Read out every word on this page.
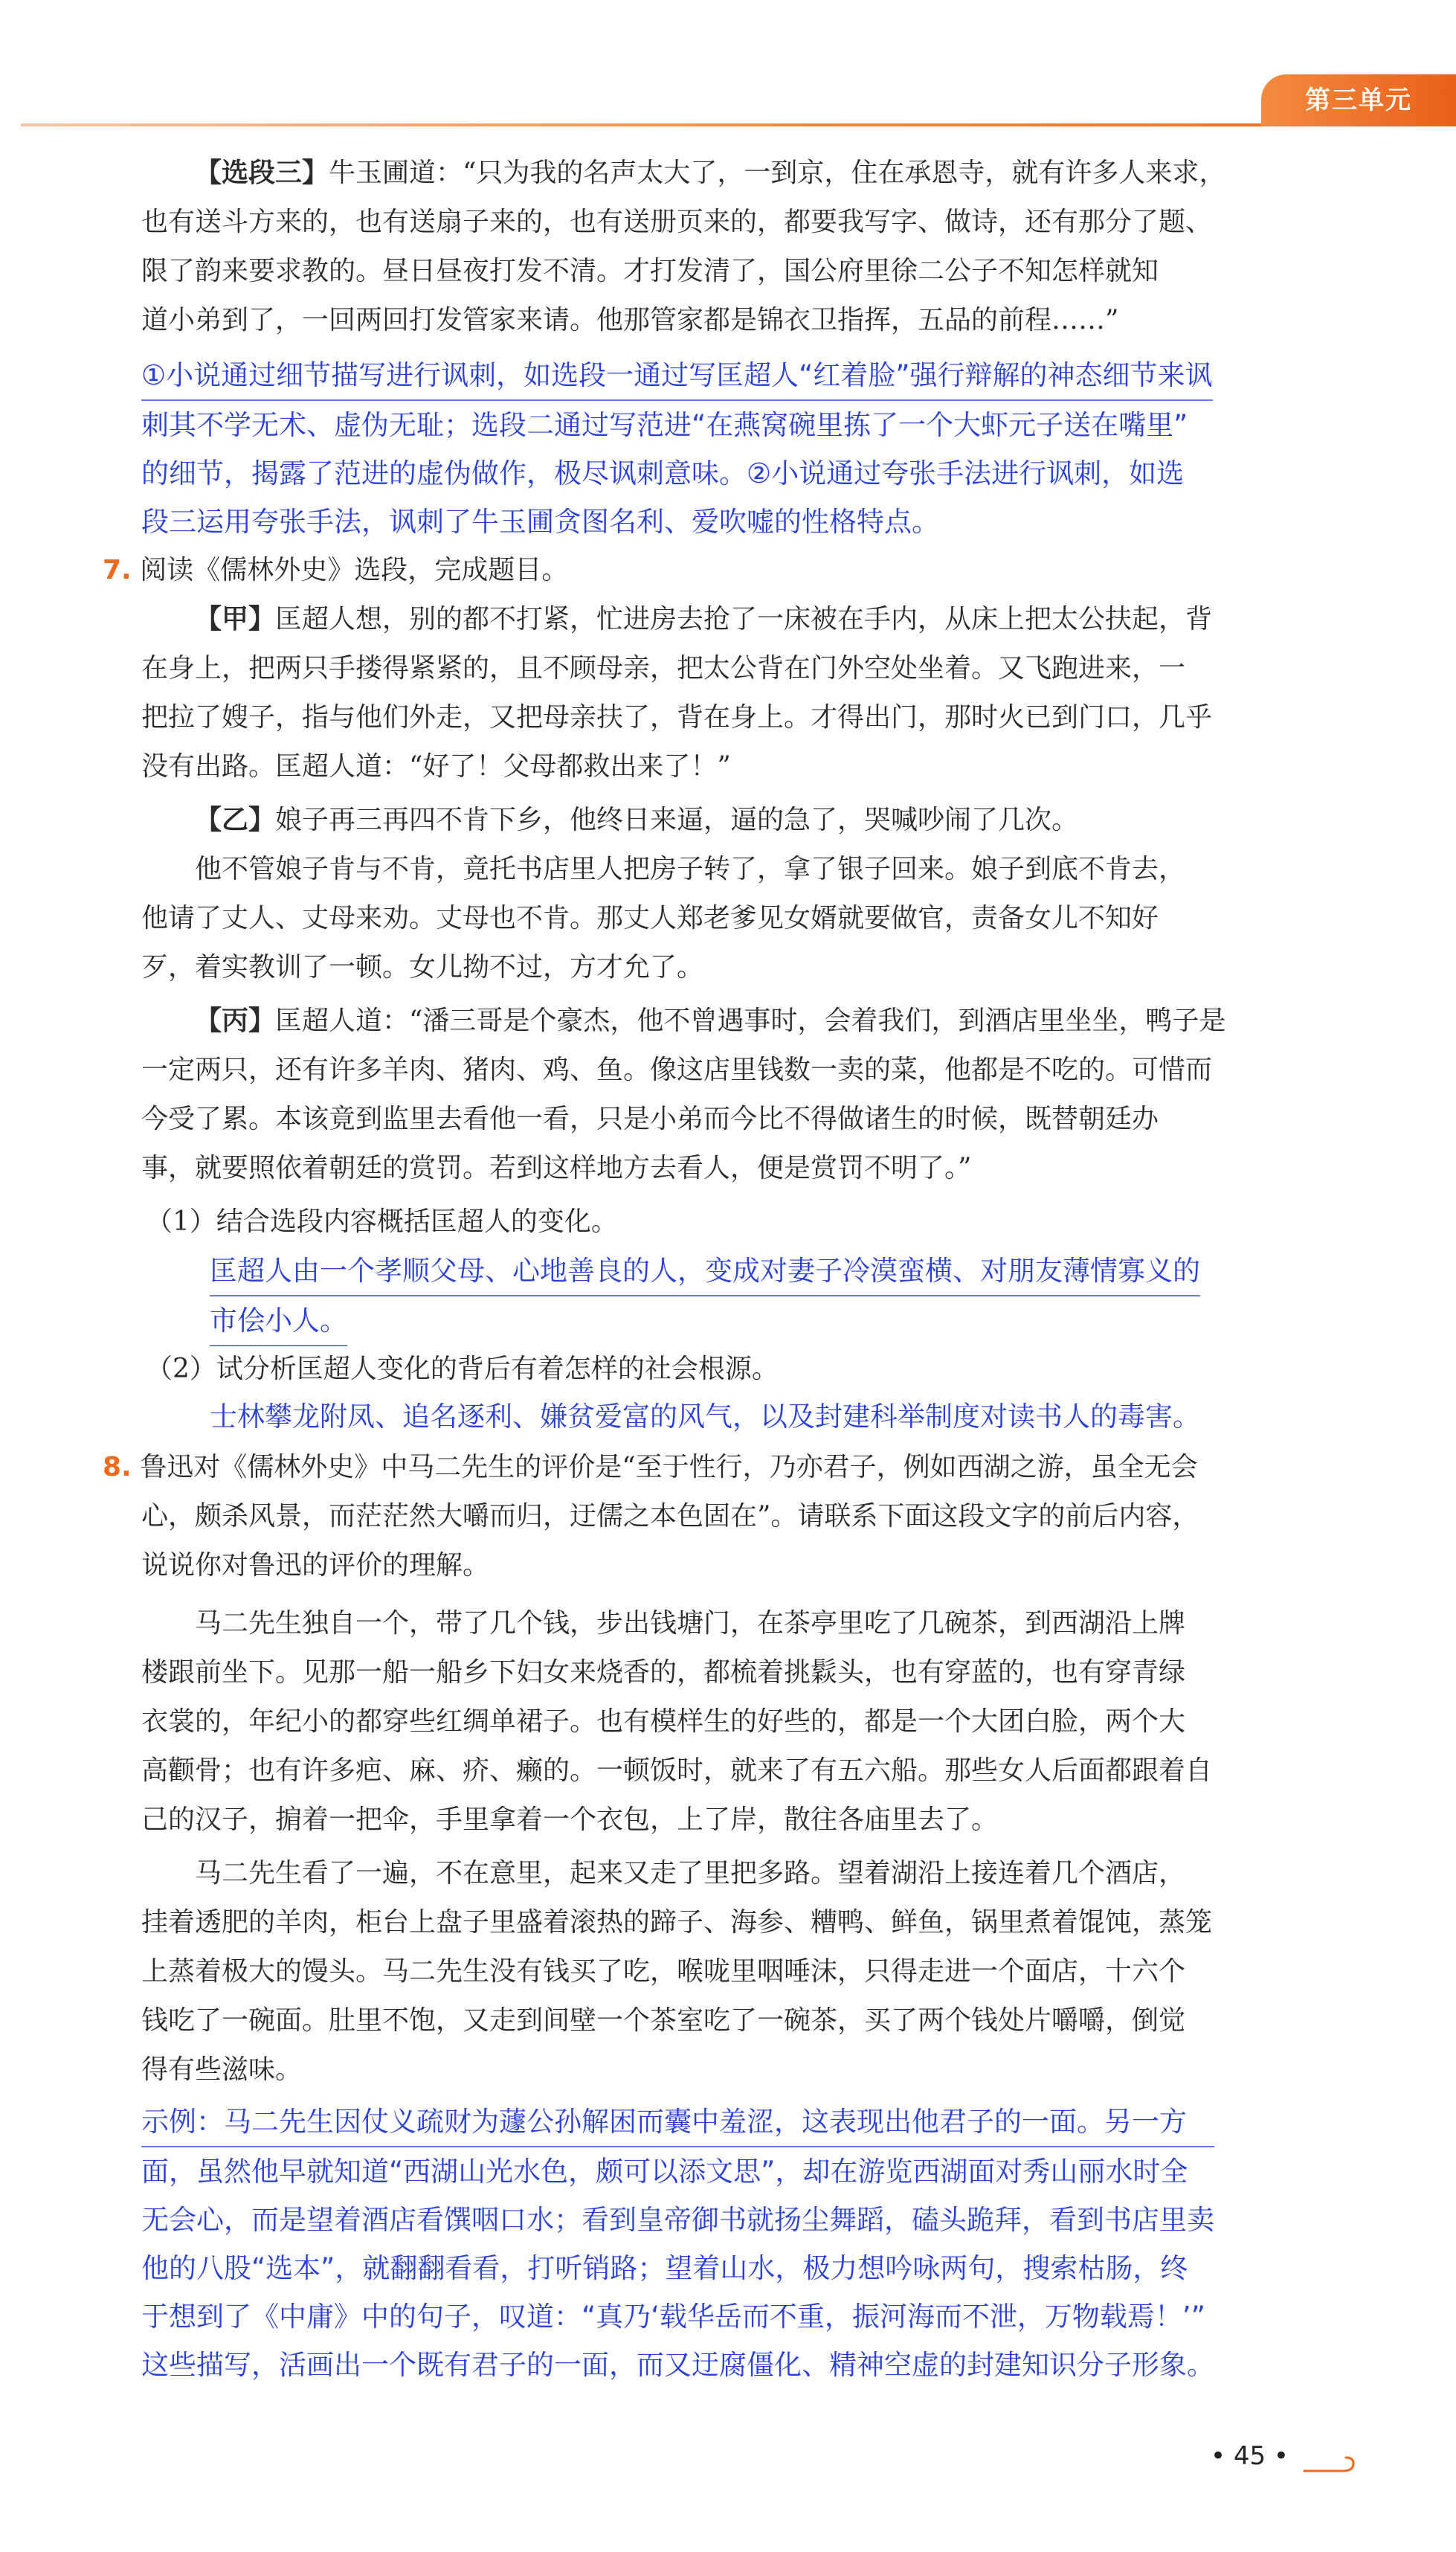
第三单元

【选段三】牛玉圃道：“只为我的名声太大了，一到京，住在承恩寺，就有许多人来求，

也有送斗方来的，也有送扇子来的，也有送册页来的，都要我写字、做诗，还有那分了题、

限了韵来要求教的。昼日昼夜打发不清。才打发清了，国公府里徐二公子不知怎样就知

道小弟到了，一回两回打发管家来请。他那管家都是锦衣卫指挥，五品的前程……”

①小说通过细节描写进行讽刺，如选段一通过写匡超人“红着脸”强行辩解的神态细节来讽

刺其不学无术、虚伪无耻；选段二通过写范进“在燕窝碗里拣了一个大虾元子送在嘴里”

的细节，揭露了范进的虚伪做作，极尽讽刺意味。②小说通过夸张手法进行讽刺，如选

段三运用夸张手法，讽刺了牛玉圃贪图名利、爱吹嘘的性格特点。

7. 阅读《儒林外史》选段，完成题目。

【甲】匡超人想，别的都不打紧，忙进房去抢了一床被在手内，从床上把太公扶起，背

在身上，把两只手搂得紧紧的，且不顾母亲，把太公背在门外空处坐着。又飞跑进来，一

把拉了嫂子，指与他们外走，又把母亲扶了，背在身上。才得出门，那时火已到门口，几乎

没有出路。匡超人道：“好了！父母都救出来了！”

【乙】娘子再三再四不肯下乡，他终日来逼，逼的急了，哭喊吵闹了几次。

他不管娘子肯与不肯，竟托书店里人把房子转了，拿了银子回来。娘子到底不肯去，

他请了丈人、丈母来劝。丈母也不肯。那丈人郑老爹见女婿就要做官，责备女儿不知好

歹，着实教训了一顿。女儿拗不过，方才允了。

【丙】匡超人道：“潘三哥是个豪杰，他不曾遇事时，会着我们，到酒店里坐坐，鸭子是

一定两只，还有许多羊肉、猪肉、鸡、鱼。像这店里钱数一卖的菜，他都是不吃的。可惜而

今受了累。本该竟到监里去看他一看，只是小弟而今比不得做诸生的时候，既替朝廷办

事，就要照依着朝廷的赏罚。若到这样地方去看人，便是赏罚不明了。”

（1）结合选段内容概括匡超人的变化。

匡超人由一个孝顺父母、心地善良的人，变成对妻子冷漠蛮横、对朋友薄情寡义的

市侩小人。

（2）试分析匡超人变化的背后有着怎样的社会根源。

士林攀龙附凤、追名逐利、嫌贫爱富的风气，以及封建科举制度对读书人的毒害。

8. 鲁迅对《儒林外史》中马二先生的评价是“至于性行，乃亦君子，例如西湖之游，虽全无会

心，颇杀风景，而茫茫然大嚼而归，迂儒之本色固在”。请联系下面这段文字的前后内容，

说说你对鲁迅的评价的理解。

马二先生独自一个，带了几个钱，步出钱塘门，在茶亭里吃了几碗茶，到西湖沿上牌

楼跟前坐下。见那一船一船乡下妇女来烧香的，都梳着挑鬏头，也有穿蓝的，也有穿青绿

衣裳的，年纪小的都穿些红绸单裙子。也有模样生的好些的，都是一个大团白脸，两个大

高颧骨；也有许多疤、麻、疥、癞的。一顿饭时，就来了有五六船。那些女人后面都跟着自

己的汉子，掮着一把伞，手里拿着一个衣包，上了岸，散往各庙里去了。

马二先生看了一遍，不在意里，起来又走了里把多路。望着湖沿上接连着几个酒店，

挂着透肥的羊肉，柜台上盘子里盛着滚热的蹄子、海参、糟鸭、鲜鱼，锅里煮着馄饨，蒸笼

上蒸着极大的馒头。马二先生没有钱买了吃，喉咙里咽唾沫，只得走进一个面店，十六个

钱吃了一碗面。肚里不饱，又走到间壁一个茶室吃了一碗茶，买了两个钱处片嚼嚼，倒觉

得有些滋味。

示例：马二先生因仗义疏财为蘧公孙解困而囊中羞涩，这表现出他君子的一面。另一方

面，虽然他早就知道“西湖山光水色，颇可以添文思”，却在游览西湖面对秀山丽水时全

无会心，而是望着酒店看馔咽口水；看到皇帝御书就扬尘舞蹈，磕头跪拜，看到书店里卖

他的八股“选本”，就翻翻看看，打听销路；望着山水，极力想吟咏两句，搜索枯肠，终

于想到了《中庸》中的句子，叹道：“真乃‘载华岳而不重，振河海而不泄，万物载焉！’”

这些描写，活画出一个既有君子的一面，而又迂腐僵化、精神空虚的封建知识分子形象。

• 45 •
